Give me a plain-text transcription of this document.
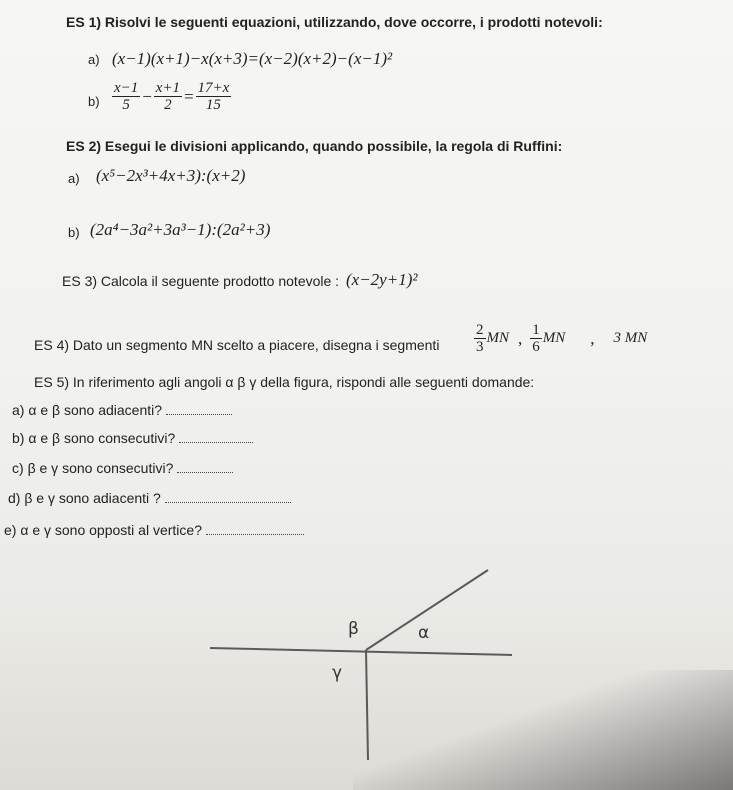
ES 1) Risolvi le seguenti equazioni, utilizzando, dove occorre, i prodotti notevoli:
a) (x−1)(x+1)−x(x+3)=(x−2)(x+2)−(x−1)²
$b) \frac{x-1}{5} - \frac{x+1}{2} = \frac{17+x}{15}$
ES 2) Esegui le divisioni applicando, quando possibile, la regola di Ruffini:
a) (x⁵−2x³+4x+3):(x+2)
b) (2a⁴−3a²+3a³−1):(2a²+3)
ES 3) Calcola il seguente prodotto notevole : (x−2y+1)²
ES 4) Dato un segmento MN scelto a piacere, disegna i segmenti $\frac{2}{3}$ MN , $\frac{1}{6}$ MN , 3 MN
ES 5) In riferimento agli angoli α β γ della figura, rispondi alle seguenti domande:
a) α e β sono adiacenti?
b) α e β sono consecutivi?
c) β e γ sono consecutivi?
d) β e γ sono adiacenti ?
e) α e γ sono opposti al vertice?
β	α
γ
